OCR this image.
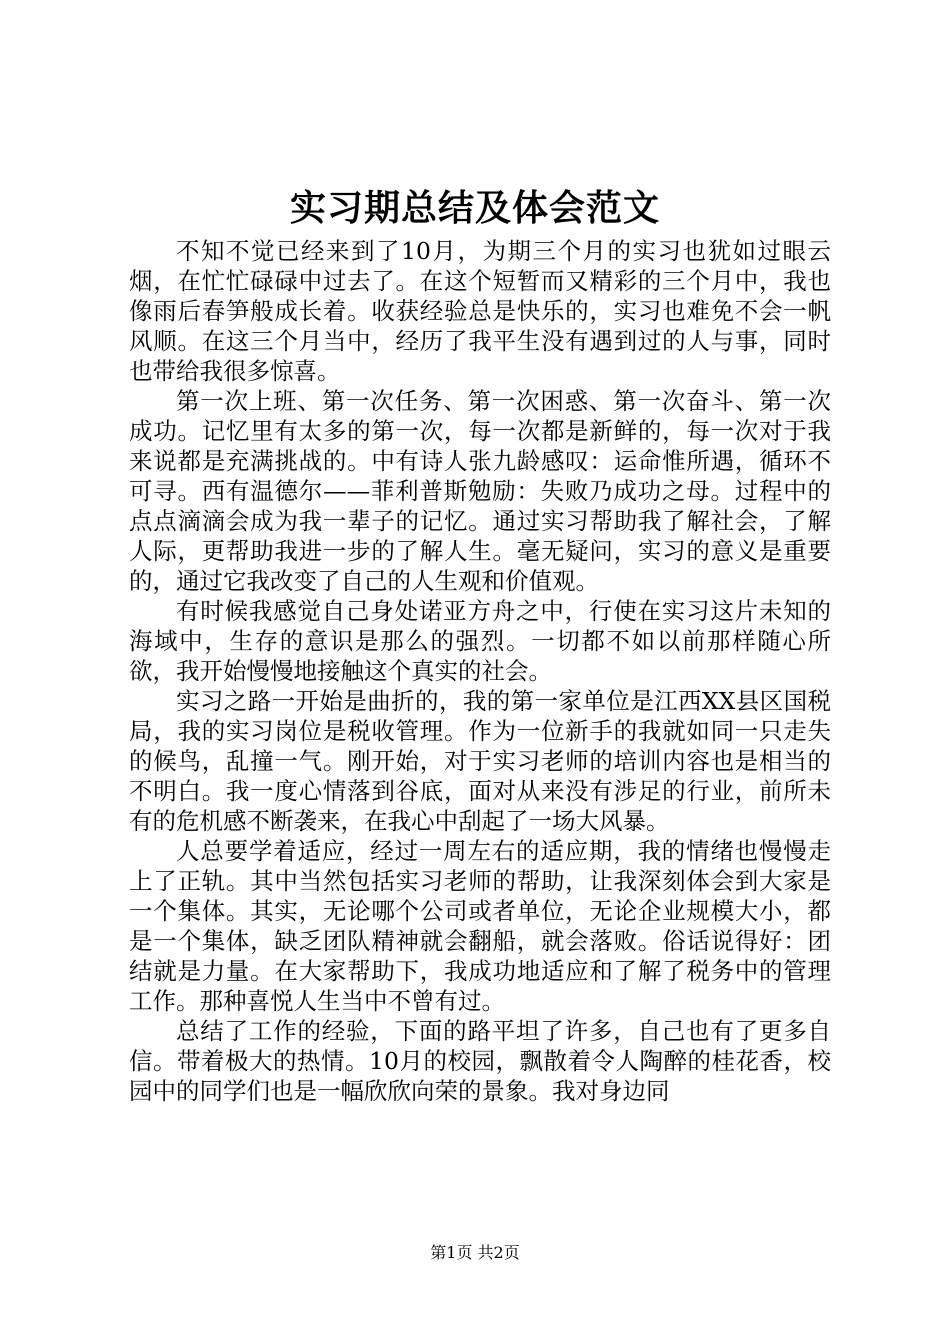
实习期总结及体会范文

不知不觉已经来到了10月，为期三个月的实习也犹如过眼云烟，在忙忙碌碌中过去了。在这个短暂而又精彩的三个月中，我也像雨后春笋般成长着。收获经验总是快乐的，实习也难免不会一帆风顺。在这三个月当中，经历了我平生没有遇到过的人与事，同时也带给我很多惊喜。

第一次上班、第一次任务、第一次困惑、第一次奋斗、第一次成功。记忆里有太多的第一次，每一次都是新鲜的，每一次对于我来说都是充满挑战的。中有诗人张九龄感叹：运命惟所遇，循环不可寻。西有温德尔——菲利普斯勉励：失败乃成功之母。过程中的点点滴滴会成为我一辈子的记忆。通过实习帮助我了解社会，了解人际，更帮助我进一步的了解人生。毫无疑问，实习的意义是重要的，通过它我改变了自己的人生观和价值观。

有时候我感觉自己身处诺亚方舟之中，行使在实习这片未知的海域中，生存的意识是那么的强烈。一切都不如以前那样随心所欲，我开始慢慢地接触这个真实的社会。

实习之路一开始是曲折的，我的第一家单位是江西XX县区国税局，我的实习岗位是税收管理。作为一位新手的我就如同一只走失的候鸟，乱撞一气。刚开始，对于实习老师的培训内容也是相当的不明白。我一度心情落到谷底，面对从来没有涉足的行业，前所未有的危机感不断袭来，在我心中刮起了一场大风暴。

人总要学着适应，经过一周左右的适应期，我的情绪也慢慢走上了正轨。其中当然包括实习老师的帮助，让我深刻体会到大家是一个集体。其实，无论哪个公司或者单位，无论企业规模大小，都是一个集体，缺乏团队精神就会翻船，就会落败。俗话说得好：团结就是力量。在大家帮助下，我成功地适应和了解了税务中的管理工作。那种喜悦人生当中不曾有过。

总结了工作的经验，下面的路平坦了许多，自己也有了更多自信。带着极大的热情。10月的校园，飘散着令人陶醉的桂花香，校园中的同学们也是一幅欣欣向荣的景象。我对身边同

第1页 共2页
